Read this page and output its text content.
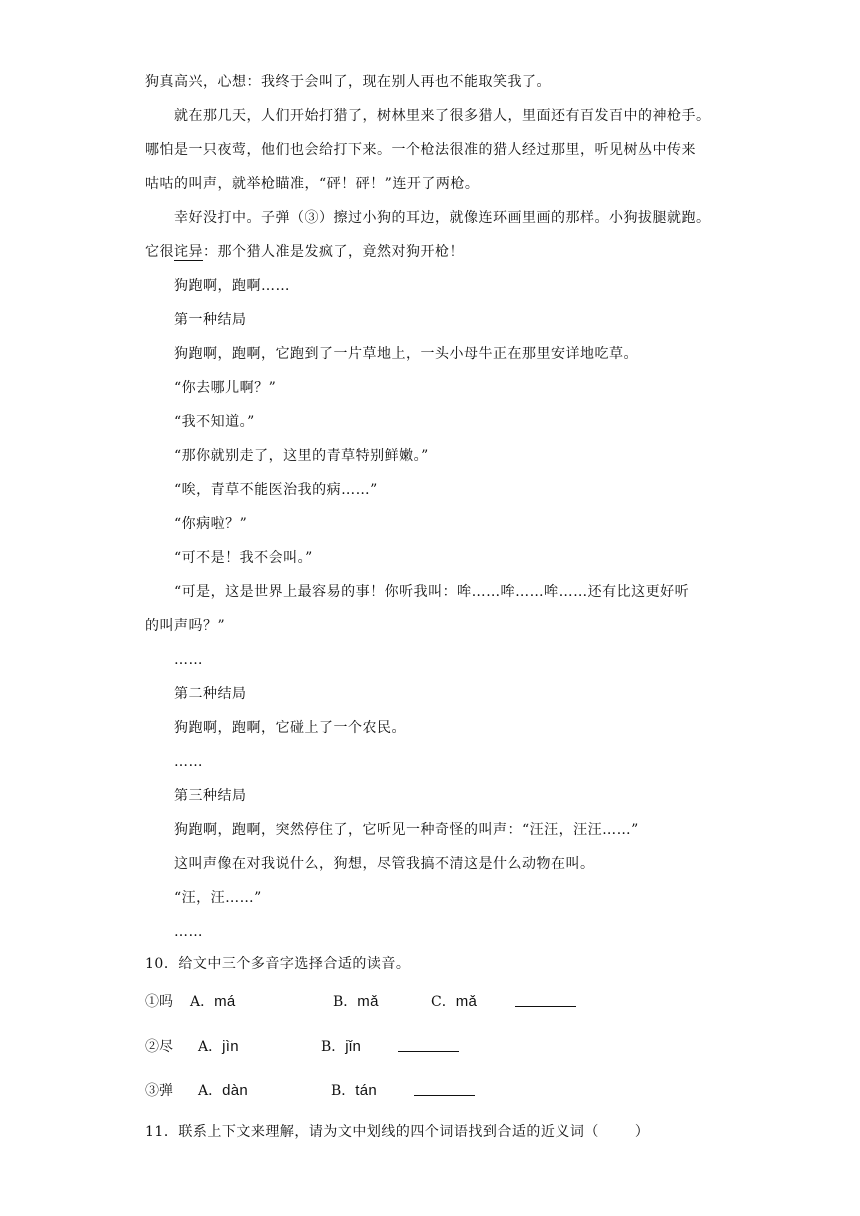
狗真高兴，心想：我终于会叫了，现在别人再也不能取笑我了。
就在那几天，人们开始打猎了，树林里来了很多猎人，里面还有百发百中的神枪手。
哪怕是一只夜莺，他们也会给打下来。一个枪法很准的猎人经过那里，听见树丛中传来
咕咕的叫声，就举枪瞄准，“砰！砰！”连开了两枪。
幸好没打中。子弹（③）擦过小狗的耳边，就像连环画里画的那样。小狗拔腿就跑。
它很诧异：那个猎人准是发疯了，竟然对狗开枪！
狗跑啊，跑啊……
第一种结局
狗跑啊，跑啊，它跑到了一片草地上，一头小母牛正在那里安详地吃草。
“你去哪儿啊？”
“我不知道。”
“那你就别走了，这里的青草特别鲜嫩。”
“唉，青草不能医治我的病……”
“你病啦？”
“可不是！我不会叫。”
“可是，这是世界上最容易的事！你听我叫：哞……哞……哞……还有比这更好听
的叫声吗？”
……
第二种结局
狗跑啊，跑啊，它碰上了一个农民。
……
第三种结局
狗跑啊，跑啊，突然停住了，它听见一种奇怪的叫声：“汪汪，汪汪……”
这叫声像在对我说什么，狗想，尽管我搞不清这是什么动物在叫。
“汪，汪……”
……
10．给文中三个多音字选择合适的读音。
①吗 A．má	B．mǎ	C．mǎ
②尽 A．jìn	B．jǐn
③弹 A．dàn	B．tán
11．联系上下文来理解，请为文中划线的四个词语找到合适的近义词（	）
